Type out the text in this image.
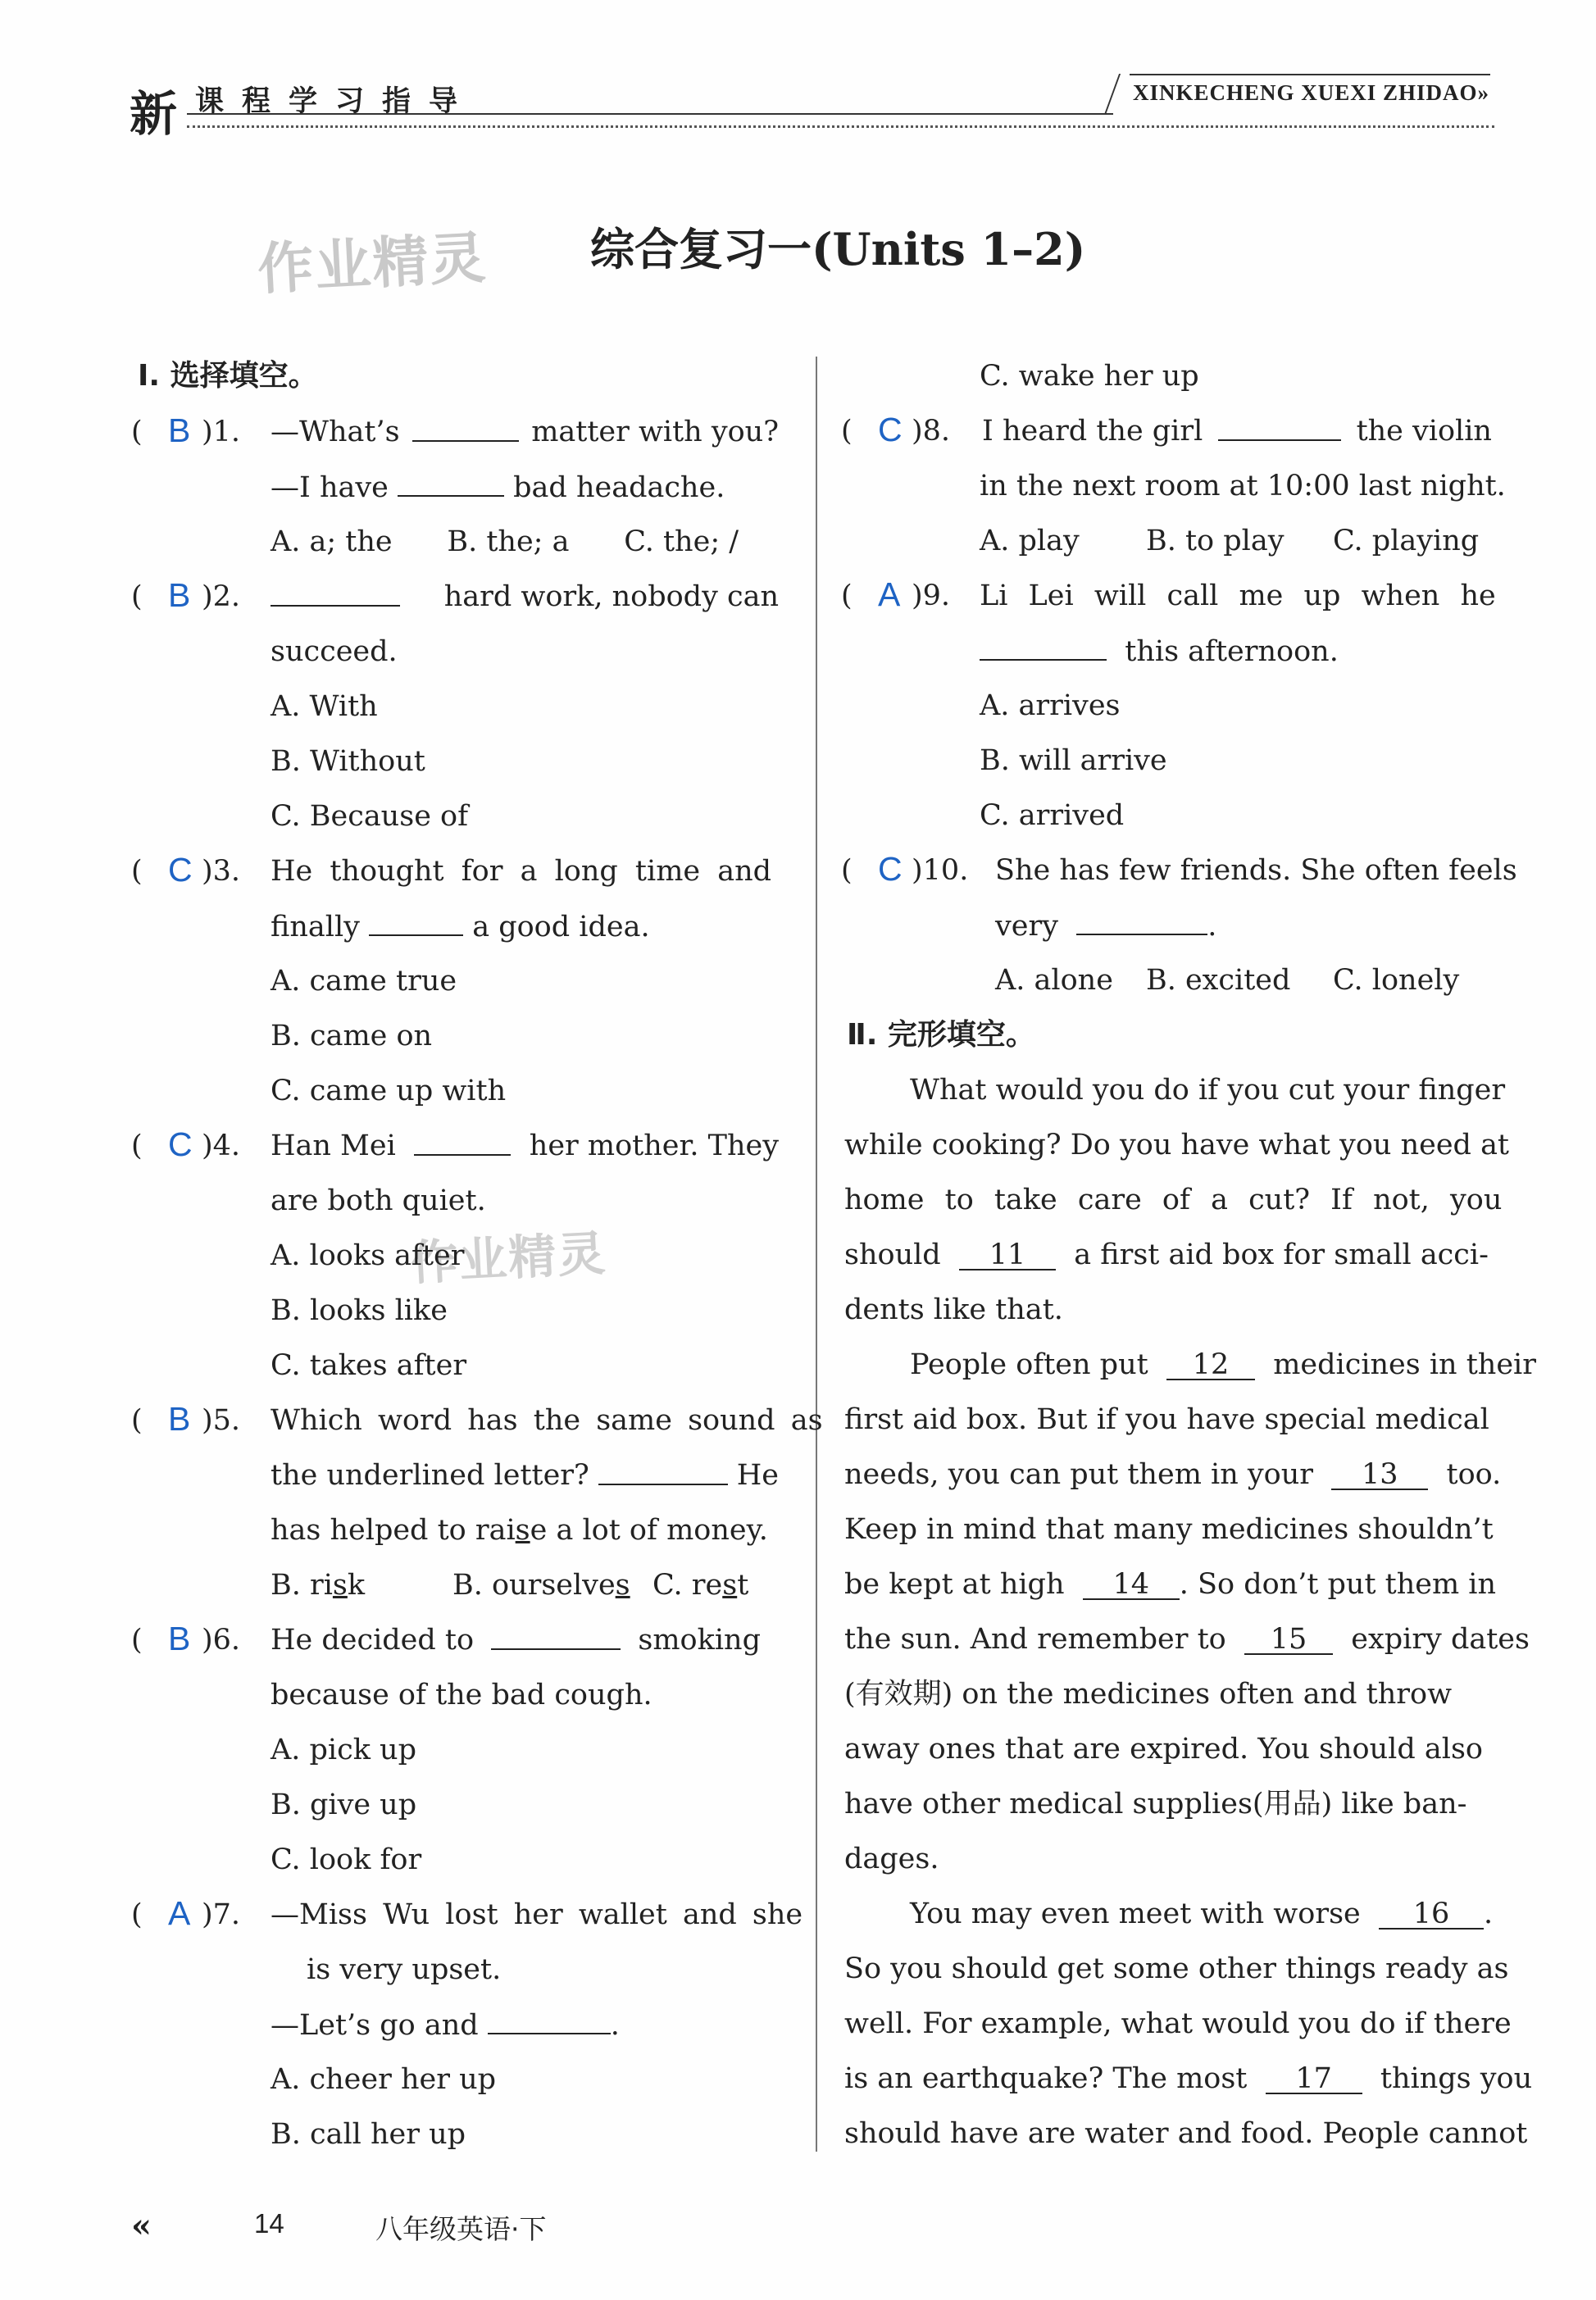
新 课程学习指导	XINKECHENG XUEXI ZHIDAO»
作业精灵
作业精灵
综合复习一(Units 1–2)
Ⅰ. 选择填空。
( B )1. —What’s	matter with you?
—I have	bad headache.
A. a; the      B. the; a      C. the; /
( B )2.	hard work, nobody can
succeed.
A. With
B. Without
C. Because of
( C )3. He thought for a long time and
finally	a good idea.
A. came true
B. came on
C. came up with
( C )4. Han Mei	her mother. They
are both quiet.
A. looks after
B. looks like
C. takes after
( B )5. Which word has the same sound as
the underlined letter?	He
has helped to raise a lot of money.
B. risk	B. ourselves C. rest
( B )6. He decided to	smoking
because of the bad cough.
A. pick up
B. give up
C. look for
( A )7. —Miss Wu lost her wallet and she
is very upset.
—Let’s go and	.
A. cheer her up
B. call her up
C. wake her up
( C )8. I heard the girl	the violin
in the next room at 10:00 last night.
A. play B. to play C. playing
( A )9. Li Lei will call me up when he
this afternoon.
A. arrives
B. will arrive
C. arrived
( C )10. She has few friends. She often feels
very	.
A. alone B. excited C. lonely
Ⅱ. 完形填空。
What would you do if you cut your finger
while cooking? Do you have what you need at
home to take care of a cut? If not, you
should 11 a first aid box for small acci-
dents like that.
People often put 12 medicines in their
first aid box. But if you have special medical
needs, you can put them in your 13 too.
Keep in mind that many medicines shouldn’t
be kept at high 14 . So don’t put them in
the sun. And remember to 15 expiry dates
(有效期) on the medicines often and throw
away ones that are expired. You should also
have other medical supplies(用品) like ban-
dages.
You may even meet with worse 16 .
So you should get some other things ready as
well. For example, what would you do if there
is an earthquake? The most 17 things you
should have are water and food. People cannot
«	14	八年级英语·下
